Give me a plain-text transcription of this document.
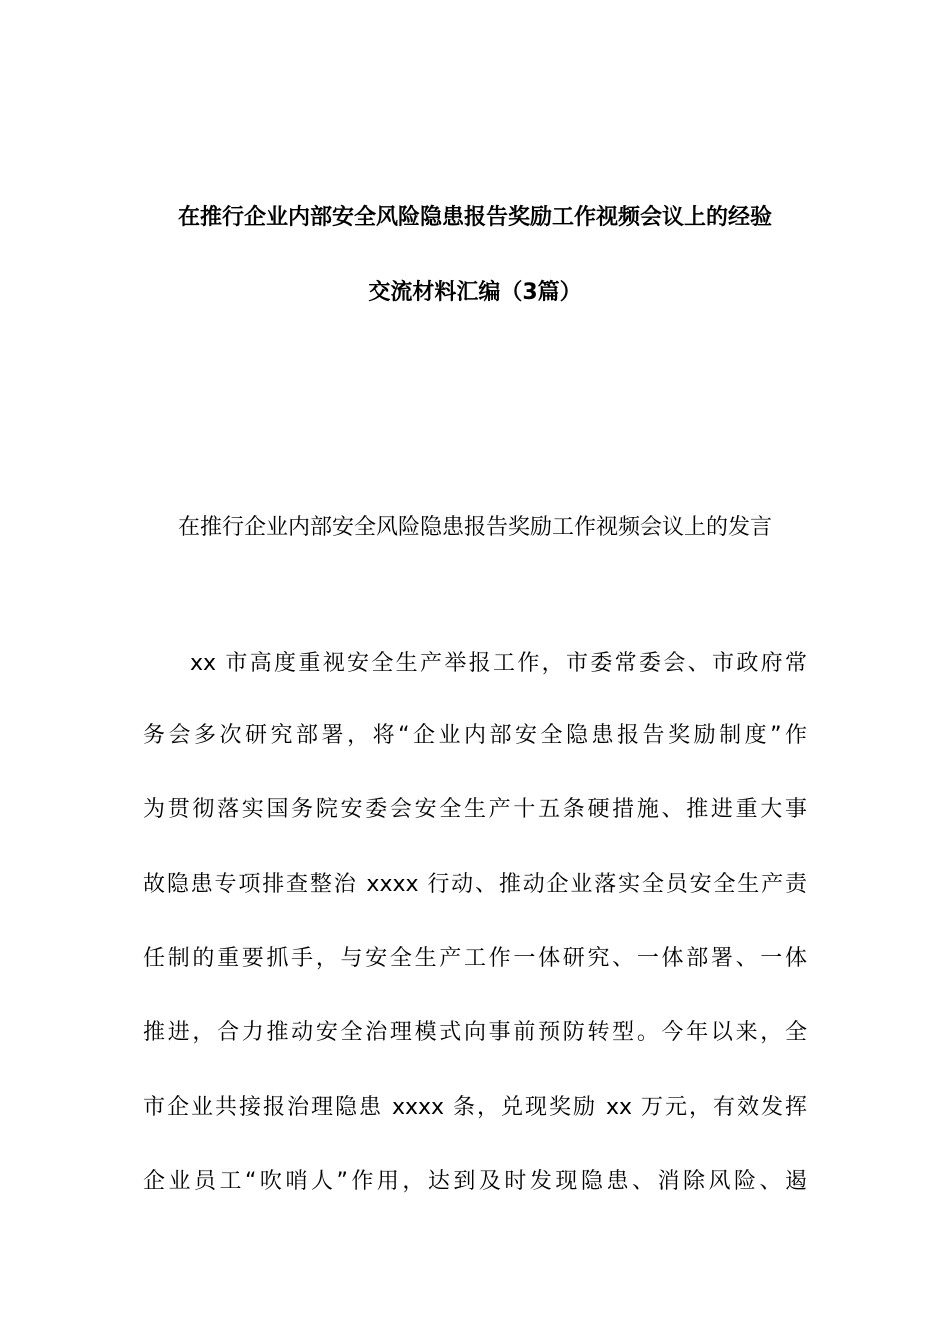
在推行企业内部安全风险隐患报告奖励工作视频会议上的经验
交流材料汇编（3篇）
在推行企业内部安全风险隐患报告奖励工作视频会议上的发言
xx 市高度重视安全生产举报工作，市委常委会、市政府常
务会多次研究部署，将“企业内部安全隐患报告奖励制度”作
为贯彻落实国务院安委会安全生产十五条硬措施、推进重大事
故隐患专项排查整治 xxxx 行动、推动企业落实全员安全生产责
任制的重要抓手，与安全生产工作一体研究、一体部署、一体
推进，合力推动安全治理模式向事前预防转型。今年以来，全
市企业共接报治理隐患 xxxx 条，兑现奖励 xx 万元，有效发挥
企业员工“吹哨人”作用，达到及时发现隐患、消除风险、遏
